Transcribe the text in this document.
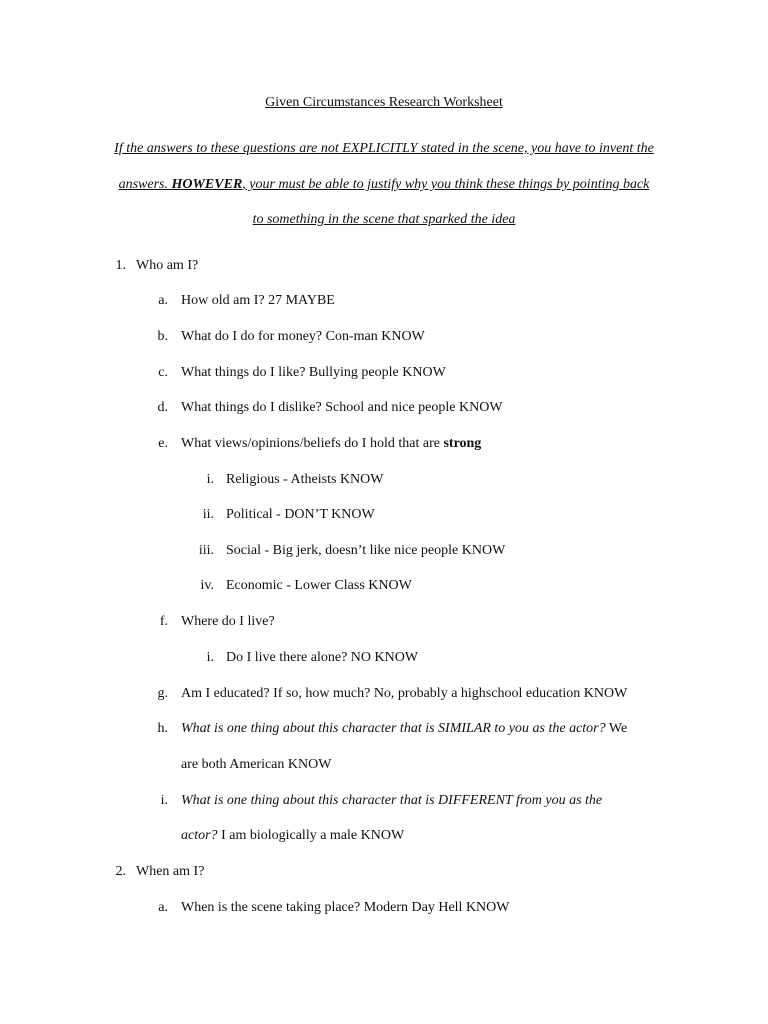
Given Circumstances Research Worksheet
If the answers to these questions are not EXPLICITLY stated in the scene, you have to invent the
answers. HOWEVER, your must be able to justify why you think these things by pointing back
to something in the scene that sparked the idea
1. Who am I?
a. How old am I? 27 MAYBE
b. What do I do for money? Con-man KNOW
c. What things do I like? Bullying people KNOW
d. What things do I dislike? School and nice people KNOW
e. What views/opinions/beliefs do I hold that are strong
i. Religious - Atheists KNOW
ii. Political - DON’T KNOW
iii. Social - Big jerk, doesn’t like nice people KNOW
iv. Economic - Lower Class KNOW
f. Where do I live?
i. Do I live there alone? NO KNOW
g. Am I educated? If so, how much? No, probably a highschool education KNOW
h. What is one thing about this character that is SIMILAR to you as the actor? We
are both American KNOW
i. What is one thing about this character that is DIFFERENT from you as the
actor? I am biologically a male KNOW
2. When am I?
a. When is the scene taking place? Modern Day Hell KNOW
